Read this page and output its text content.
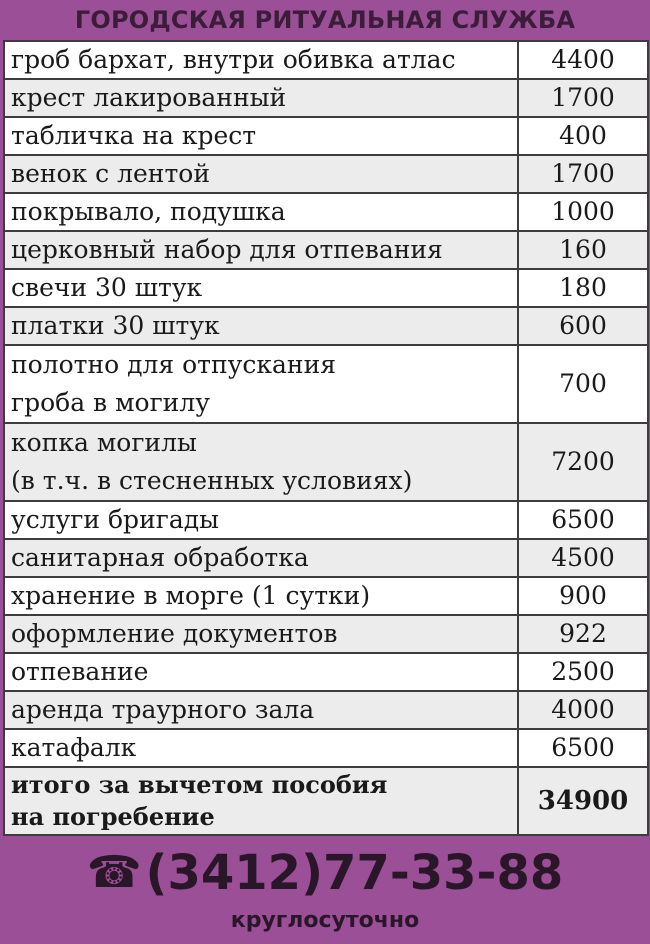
ГОРОДСКАЯ РИТУАЛЬНАЯ СЛУЖБА
гроб бархат, внутри обивка атлас	4400
крест лакированный	1700
табличка на крест	400
венок с лентой	1700
покрывало, подушка	1000
церковный набор для отпевания	160
свечи 30 штук	180
платки 30 штук	600
полотно для отпускания
гроба в могилу	700
копка могилы
(в т.ч. в стесненных условиях)	7200
услуги бригады	6500
санитарная обработка	4500
хранение в морге (1 сутки)	900
оформление документов	922
отпевание	2500
аренда траурного зала	4000
катафалк	6500
итого за вычетом пособия
на погребение	34900
☎ (3412)77-33-88
круглосуточно
